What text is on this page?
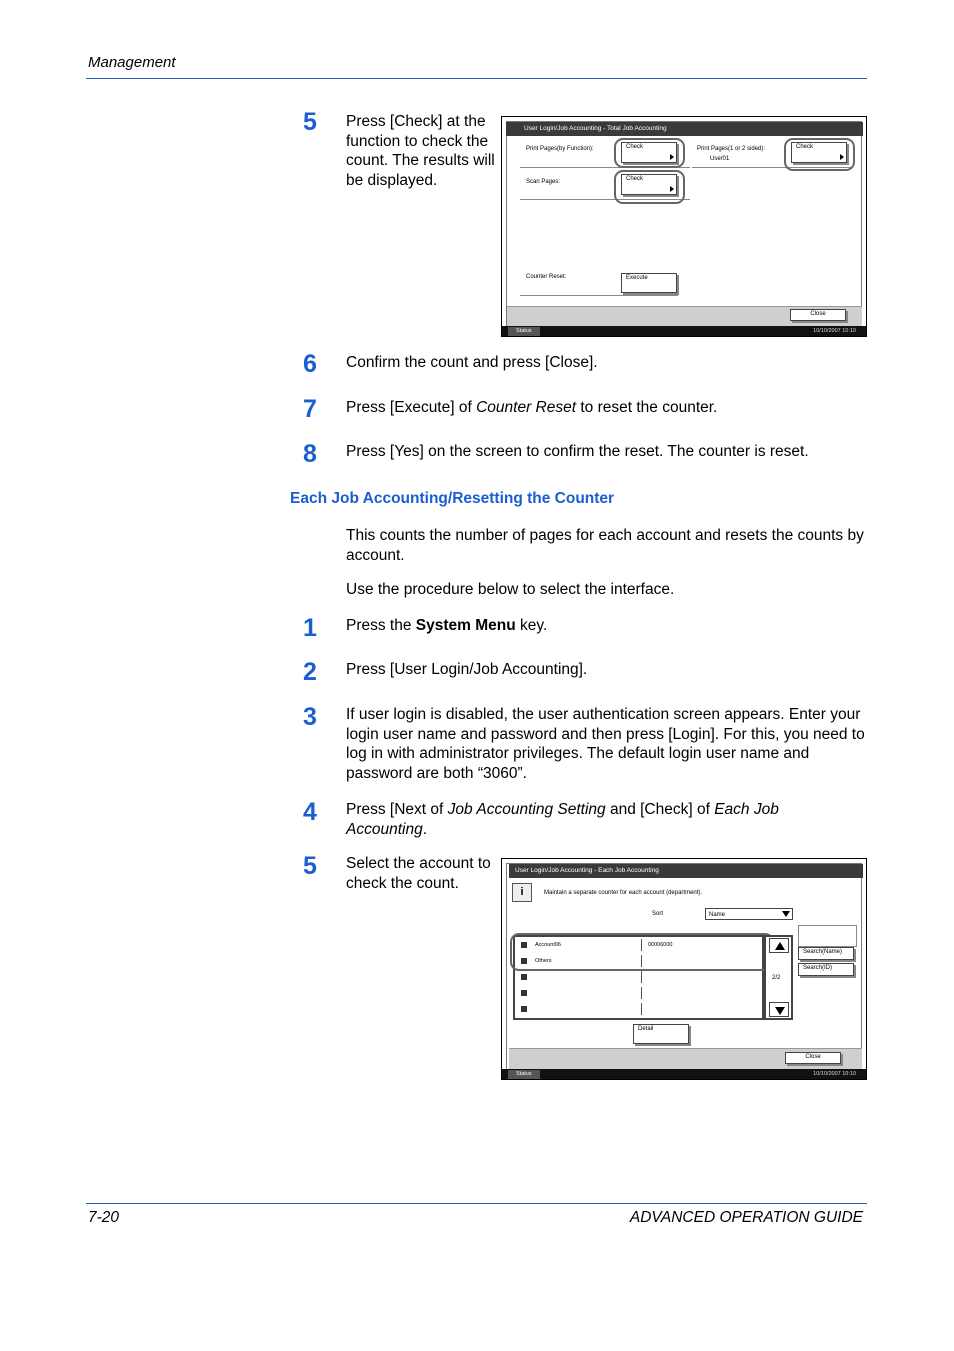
Management
5	Press [Check] at the function to check the count. The results will be displayed.
User Login/Job Accounting - Total Job Accounting
Print Pages(by Function):	Check	Print Pages(1 or 2 sided):
User01
Check
Scan Pages:	Check
Counter Reset:	Execute
Close
Status	10/10/2007 10:10
6	Confirm the count and press [Close].
7	Press [Execute] of Counter Reset to reset the counter.
8	Press [Yes] on the screen to confirm the reset. The counter is reset.
Each Job Accounting/Resetting the Counter
This counts the number of pages for each account and resets the counts by account.
Use the procedure below to select the interface.
1	Press the System Menu key.
2	Press [User Login/Job Accounting].
3	If user login is disabled, the user authentication screen appears. Enter your login user name and password and then press [Login]. For this, you need to log in with administrator privileges. The default login user name and password are both “3060”.
4	Press [Next of Job Accounting Setting and [Check] of Each Job Accounting.
5	Select the account to check the count.
User Login/Job Accounting - Each Job Accounting
i	Maintain a separate counter for each account (department).
Sort	Name
Account Name	Account ID
Account06	00006000
Others
2/2
Search(Name)
Search(ID)
Detail
Close
Status	10/10/2007 10:10
7-20	ADVANCED OPERATION GUIDE
